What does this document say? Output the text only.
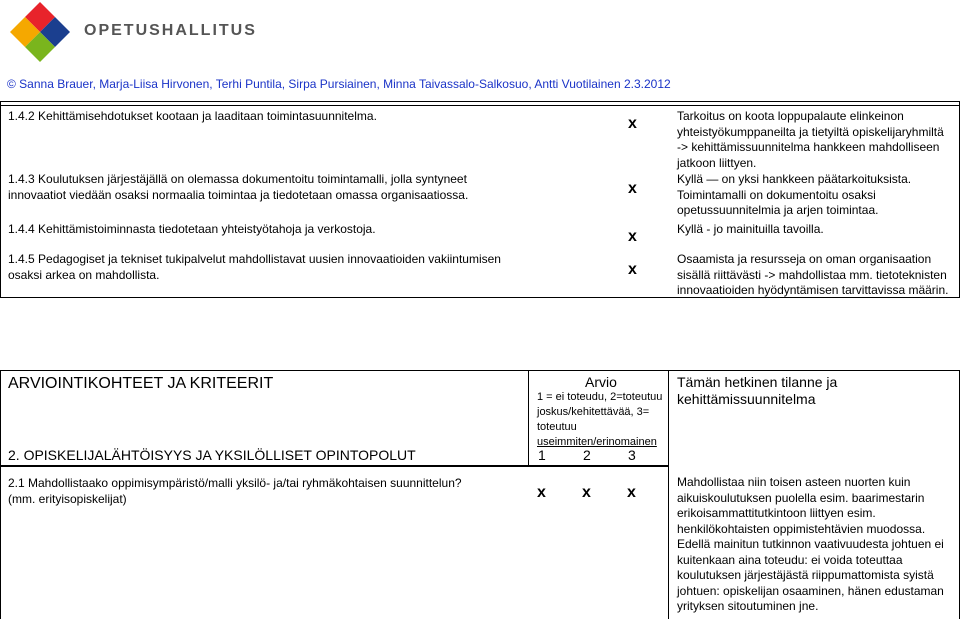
OPETUSHALLITUS
© Sanna Brauer, Marja-Liisa Hirvonen, Terhi Puntila, Sirpa Pursiainen, Minna Taivassalo-Salkosuo, Antti Vuotilainen 2.3.2012
1.4.2 Kehittämisehdotukset kootaan ja laaditaan toimintasuunnitelma.	x	Tarkoitus on koota loppupalaute elinkeinon
yhteistyökumppaneilta ja tietyiltä opiskelijaryhmiltä
-> kehittämissuunnitelma hankkeen mahdolliseen
jatkoon liittyen.
1.4.3 Koulutuksen järjestäjällä on olemassa dokumentoitu toimintamalli, jolla syntyneet
innovaatiot viedään osaksi normaalia toimintaa ja tiedotetaan omassa organisaatiossa.	x
Kyllä — on yksi hankkeen päätarkoituksista.
Toimintamalli on dokumentoitu osaksi
opetussuunnitelmia ja arjen toimintaa.
1.4.4 Kehittämistoiminnasta tiedotetaan yhteistyötahoja ja verkostoja.	x	Kyllä - jo mainituilla tavoilla.
1.4.5 Pedagogiset ja tekniset tukipalvelut mahdollistavat uusien innovaatioiden vakiintumisen
osaksi arkea on mahdollista.	x
Osaamista ja resursseja on oman organisaation
sisällä riittävästi -> mahdollistaa mm. tietoteknisten
innovaatioiden hyödyntämisen tarvittavissa määrin.
ARVIOINTIKOHTEET JA KRITEERIT	Arvio
1 = ei toteudu, 2=toteutuu
joskus/kehitettävää, 3=
toteutuu
useimmiten/erinomainen
Tämän hetkinen tilanne ja
kehittämissuunnitelma
2. OPISKELIJALÄHTÖISYYS JA YKSILÖLLISET OPINTOPOLUT	1	2	3
2.1 Mahdollistaako oppimisympäristö/malli yksilö- ja/tai ryhmäkohtaisen suunnittelun?
(mm. erityisopiskelijat)	x x x
Mahdollistaa niin toisen asteen nuorten kuin
aikuiskoulutuksen puolella esim. baarimestarin
erikoisammattitutkintoon liittyen esim.
henkilökohtaisten oppimistehtävien muodossa.
Edellä mainitun tutkinnon vaativuudesta johtuen ei
kuitenkaan aina toteudu: ei voida toteuttaa
koulutuksen järjestäjästä riippumattomista syistä
johtuen: opiskelijan osaaminen, hänen edustaman
yrityksen sitoutuminen jne.
